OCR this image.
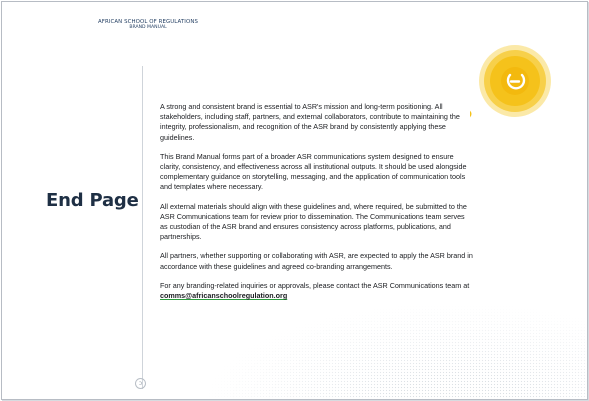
AFRICAN SCHOOL OF REGULATIONS
BRAND MANUAL
End Page

A strong and consistent brand is essential to ASR's mission and long-term positioning. All stakeholders, including staff, partners, and external collaborators, contribute to maintaining the integrity, professionalism, and recognition of the ASR brand by consistently applying these guidelines.

This Brand Manual forms part of a broader ASR communications system designed to ensure clarity, consistency, and effectiveness across all institutional outputs. It should be used alongside complementary guidance on storytelling, messaging, and the application of communication tools and templates where necessary.

All external materials should align with these guidelines and, where required, be submitted to the ASR Communications team for review prior to dissemination. The Communications team serves as custodian of the ASR brand and ensures consistency across platforms, publications, and partnerships.

All partners, whether supporting or collaborating with ASR, are expected to apply the ASR brand in accordance with these guidelines and agreed co-branding arrangements.

For any branding-related inquiries or approvals, please contact the ASR Communications team at comms@africanschoolregulation.org

ↄ
